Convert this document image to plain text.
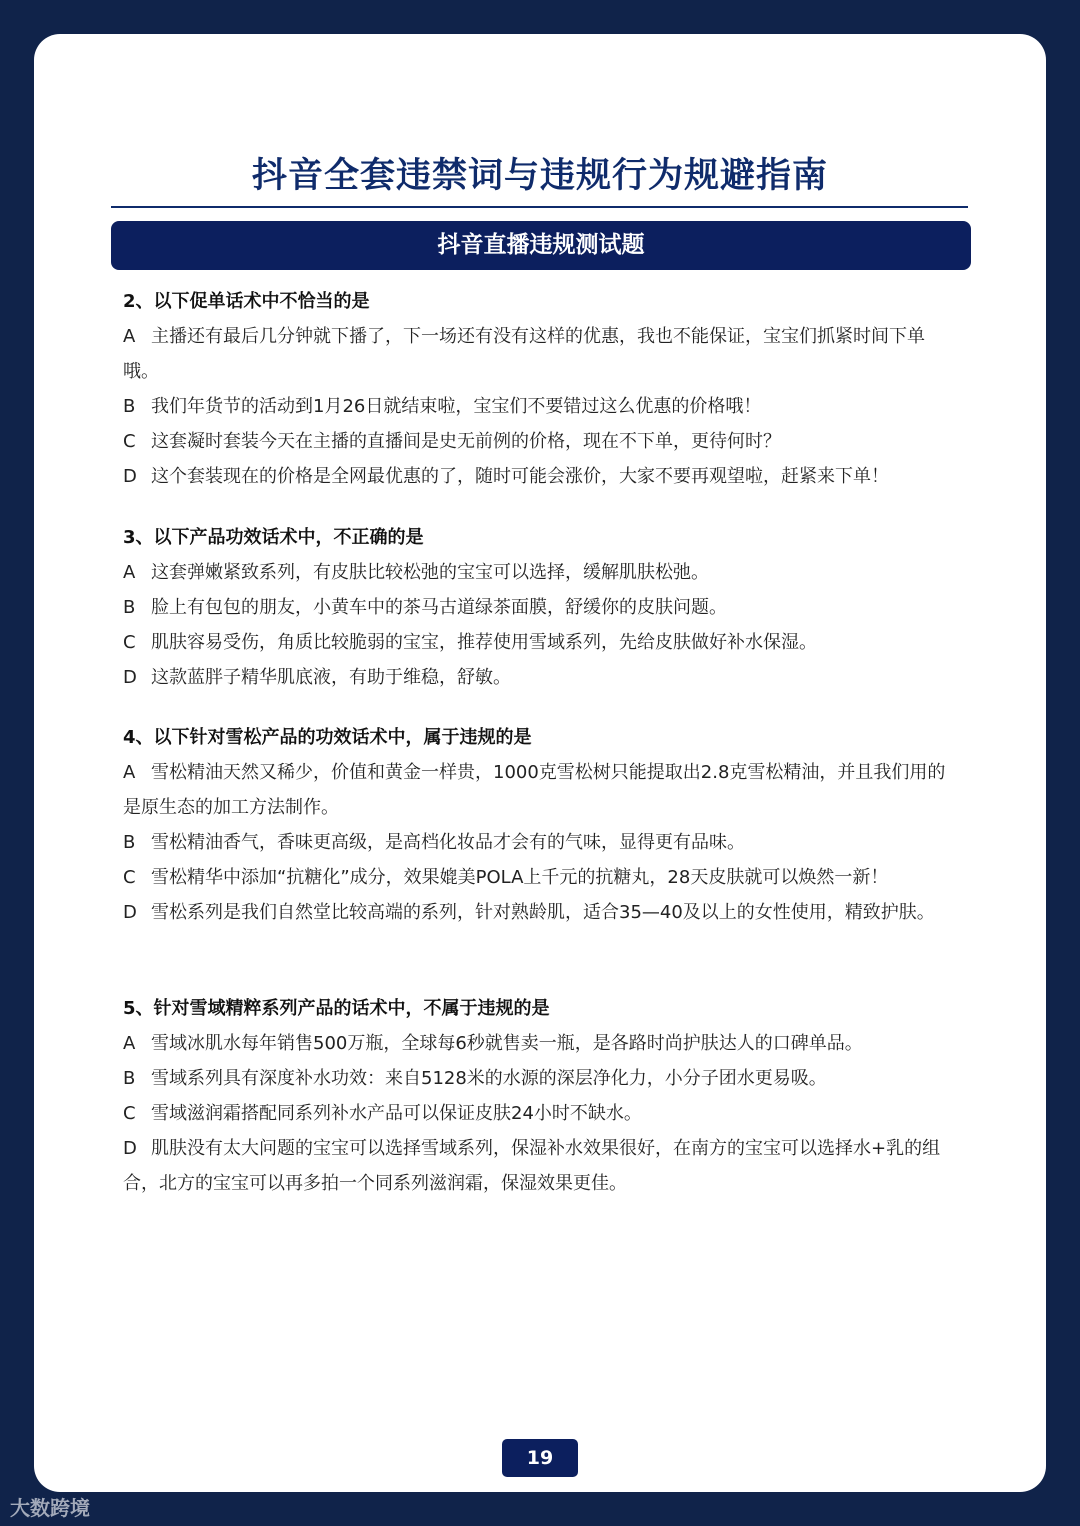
抖音全套违禁词与违规行为规避指南
抖音直播违规测试题
2、以下促单话术中不恰当的是

A 主播还有最后几分钟就下播了，下一场还有没有这样的优惠，我也不能保证，宝宝们抓紧时间下单哦。

B 我们年货节的活动到1月26日就结束啦，宝宝们不要错过这么优惠的价格哦！

C 这套凝时套装今天在主播的直播间是史无前例的价格，现在不下单，更待何时？

D 这个套装现在的价格是全网最优惠的了，随时可能会涨价，大家不要再观望啦，赶紧来下单！

3、以下产品功效话术中，不正确的是

A 这套弹嫩紧致系列，有皮肤比较松弛的宝宝可以选择，缓解肌肤松弛。

B 脸上有包包的朋友，小黄车中的茶马古道绿茶面膜，舒缓你的皮肤问题。

C 肌肤容易受伤，角质比较脆弱的宝宝，推荐使用雪域系列，先给皮肤做好补水保湿。

D 这款蓝胖子精华肌底液，有助于维稳，舒敏。

4、以下针对雪松产品的功效话术中，属于违规的是

A 雪松精油天然又稀少，价值和黄金一样贵，1000克雪松树只能提取出2.8克雪松精油，并且我们用的是原生态的加工方法制作。

B 雪松精油香气，香味更高级，是高档化妆品才会有的气味，显得更有品味。

C 雪松精华中添加“抗糖化”成分，效果媲美POLA上千元的抗糖丸，28天皮肤就可以焕然一新！

D 雪松系列是我们自然堂比较高端的系列，针对熟龄肌，适合35—40及以上的女性使用，精致护肤。

5、针对雪域精粹系列产品的话术中，不属于违规的是

A 雪域冰肌水每年销售500万瓶，全球每6秒就售卖一瓶，是各路时尚护肤达人的口碑单品。

B 雪域系列具有深度补水功效：来自5128米的水源的深层净化力，小分子团水更易吸。

C 雪域滋润霜搭配同系列补水产品可以保证皮肤24小时不缺水。

D 肌肤没有太大问题的宝宝可以选择雪域系列，保湿补水效果很好，在南方的宝宝可以选择水+乳的组合，北方的宝宝可以再多拍一个同系列滋润霜，保湿效果更佳。

19
大数跨境
